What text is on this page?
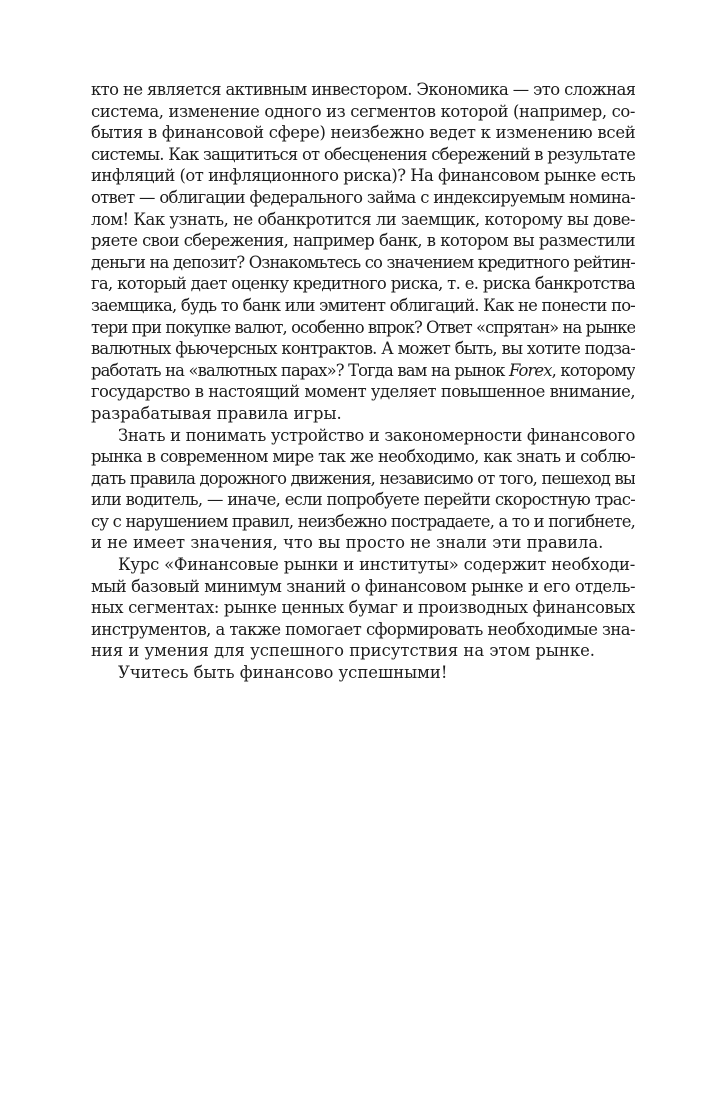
кто не является активным инвестором. Экономика — это сложная
система, изменение одного из сегментов которой (например, со-
бытия в финансовой сфере) неизбежно ведет к изменению всей
системы. Как защититься от обесценения сбережений в результате
инфляций (от инфляционного риска)? На финансовом рынке есть
ответ — облигации федерального займа с индексируемым номина-
лом! Как узнать, не обанкротится ли заемщик, которому вы дове-
ряете свои сбережения, например банк, в котором вы разместили
деньги на депозит? Ознакомьтесь со значением кредитного рейтин-
га, который дает оценку кредитного риска, т. е. риска банкротства
заемщика, будь то банк или эмитент облигаций. Как не понести по-
тери при покупке валют, особенно впрок? Ответ «спрятан» на рынке
валютных фьючерсных контрактов. А может быть, вы хотите подза-
работать на «валютных парах»? Тогда вам на рынок Forex, которому
государство в настоящий момент уделяет повышенное внимание,
разрабатывая правила игры.
Знать и понимать устройство и закономерности финансового
рынка в современном мире так же необходимо, как знать и соблю-
дать правила дорожного движения, независимо от того, пешеход вы
или водитель, — иначе, если попробуете перейти скоростную трас-
су с нарушением правил, неизбежно пострадаете, а то и погибнете,
и не имеет значения, что вы просто не знали эти правила.
Курс «Финансовые рынки и институты» содержит необходи-
мый базовый минимум знаний о финансовом рынке и его отдель-
ных сегментах: рынке ценных бумаг и производных финансовых
инструментов, а также помогает сформировать необходимые зна-
ния и умения для успешного присутствия на этом рынке.
Учитесь быть финансово успешными!
